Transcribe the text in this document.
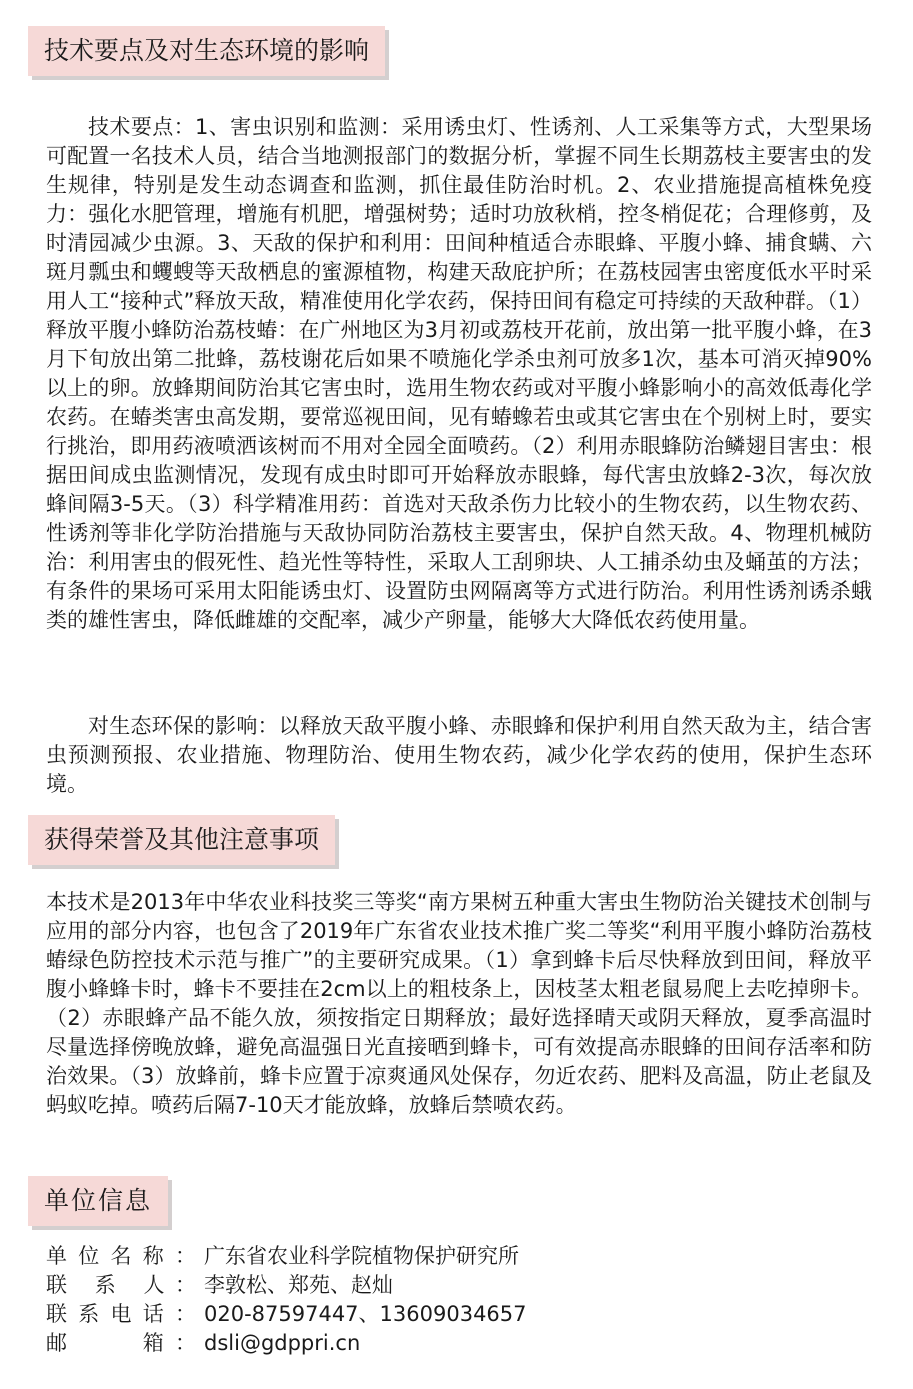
技术要点及对生态环境的影响

技术要点：1、害虫识别和监测：采用诱虫灯、性诱剂、人工采集等方式，大型果场可配置一名技术人员，结合当地测报部门的数据分析，掌握不同生长期荔枝主要害虫的发生规律，特别是发生动态调查和监测，抓住最佳防治时机。2、农业措施提高植株免疫力：强化水肥管理，增施有机肥，增强树势；适时功放秋梢，控冬梢促花；合理修剪，及时清园减少虫源。3、天敌的保护和利用：田间种植适合赤眼蜂、平腹小蜂、捕食螨、六斑月瓢虫和蠼螋等天敌栖息的蜜源植物，构建天敌庇护所；在荔枝园害虫密度低水平时采用人工“接种式”释放天敌，精准使用化学农药，保持田间有稳定可持续的天敌种群。（1）释放平腹小蜂防治荔枝蝽：在广州地区为3月初或荔枝开花前，放出第一批平腹小蜂，在3月下旬放出第二批蜂，荔枝谢花后如果不喷施化学杀虫剂可放多1次，基本可消灭掉90%以上的卵。放蜂期间防治其它害虫时，选用生物农药或对平腹小蜂影响小的高效低毒化学农药。在蝽类害虫高发期，要常巡视田间，见有蝽蟓若虫或其它害虫在个别树上时，要实行挑治，即用药液喷洒该树而不用对全园全面喷药。（2）利用赤眼蜂防治鳞翅目害虫：根据田间成虫监测情况，发现有成虫时即可开始释放赤眼蜂，每代害虫放蜂2-3次，每次放蜂间隔3-5天。（3）科学精准用药：首选对天敌杀伤力比较小的生物农药，以生物农药、性诱剂等非化学防治措施与天敌协同防治荔枝主要害虫，保护自然天敌。4、物理机械防治：利用害虫的假死性、趋光性等特性，采取人工刮卵块、人工捕杀幼虫及蛹茧的方法；有条件的果场可采用太阳能诱虫灯、设置防虫网隔离等方式进行防治。利用性诱剂诱杀蛾类的雄性害虫，降低雌雄的交配率，减少产卵量，能够大大降低农药使用量。

对生态环保的影响：以释放天敌平腹小蜂、赤眼蜂和保护利用自然天敌为主，结合害虫预测预报、农业措施、物理防治、使用生物农药，减少化学农药的使用，保护生态环境。

获得荣誉及其他注意事项

本技术是2013年中华农业科技奖三等奖“南方果树五种重大害虫生物防治关键技术创制与应用的部分内容，也包含了2019年广东省农业技术推广奖二等奖“利用平腹小蜂防治荔枝蝽绿色防控技术示范与推广”的主要研究成果。（1）拿到蜂卡后尽快释放到田间，释放平腹小蜂蜂卡时，蜂卡不要挂在2cm以上的粗枝条上，因枝茎太粗老鼠易爬上去吃掉卵卡。（2）赤眼蜂产品不能久放，须按指定日期释放；最好选择晴天或阴天释放，夏季高温时尽量选择傍晚放蜂，避免高温强日光直接晒到蜂卡，可有效提高赤眼蜂的田间存活率和防治效果。（3）放蜂前，蜂卡应置于凉爽通风处保存，勿近农药、肥料及高温，防止老鼠及蚂蚁吃掉。喷药后隔7-10天才能放蜂，放蜂后禁喷农药。

单位信息
单位名称： 广东省农业科学院植物保护研究所
联 系 人： 李敦松、郑苑、赵灿
联系电话： 020-87597447、13609034657
邮　　箱： dsli@gdppri.cn
